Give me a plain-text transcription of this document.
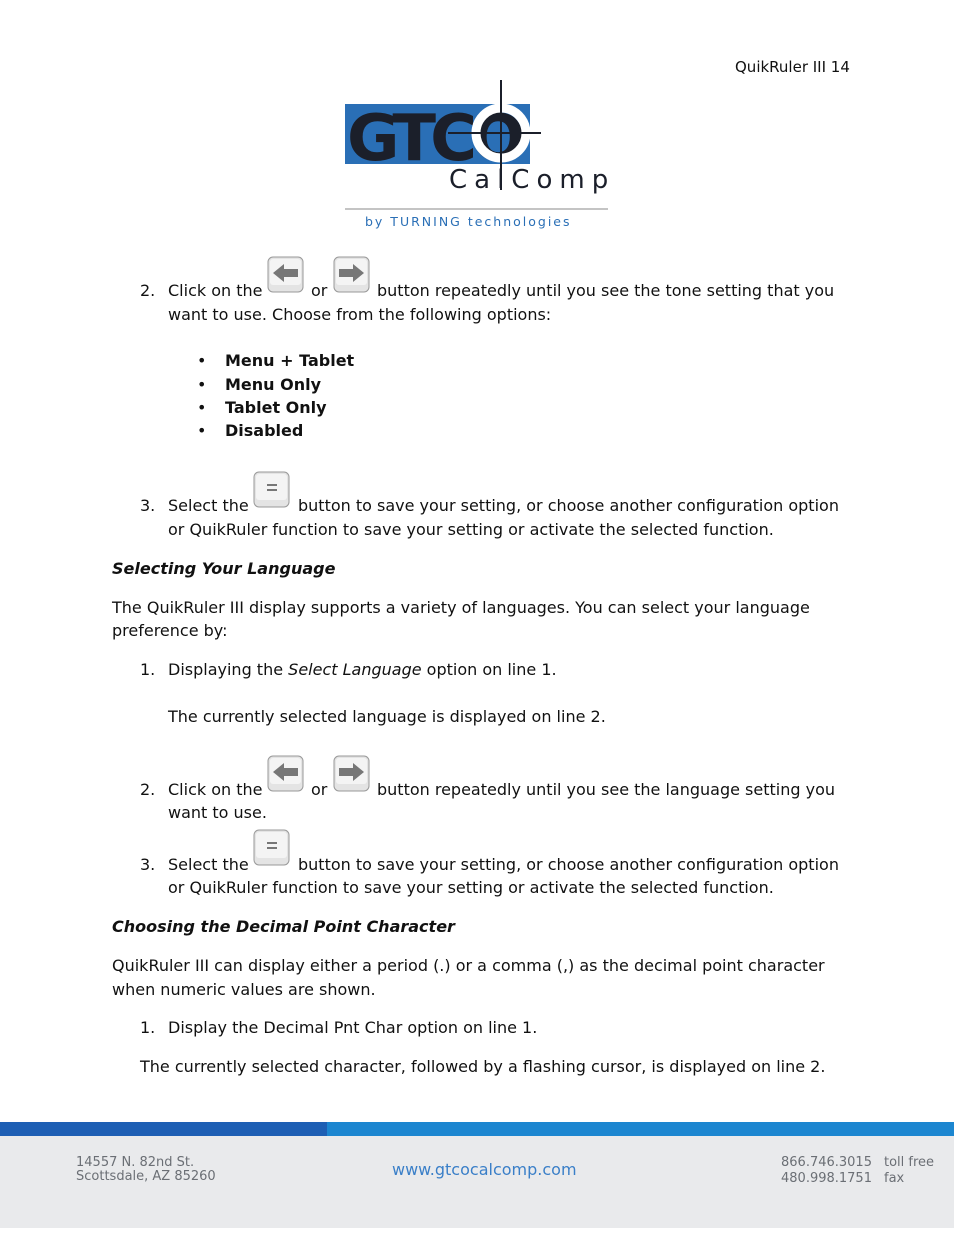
QuikRuler III 14
GTCO
CalComp
by TURNING technologies
2. Click on the	or	button repeatedly until you see the tone setting that you
want to use. Choose from the following options:
• Menu + Tablet
• Menu Only
• Tablet Only
• Disabled
3. Select the	button to save your setting, or choose another configuration option
or QuikRuler function to save your setting or activate the selected function.
Selecting Your Language
The QuikRuler III display supports a variety of languages. You can select your language
preference by:
1. Displaying the Select Language option on line 1.
The currently selected language is displayed on line 2.
2. Click on the	or	button repeatedly until you see the language setting you
want to use.
3. Select the	button to save your setting, or choose another configuration option
or QuikRuler function to save your setting or activate the selected function.
Choosing the Decimal Point Character
QuikRuler III can display either a period (.) or a comma (,) as the decimal point character
when numeric values are shown.
1. Display the Decimal Pnt Char option on line 1.
The currently selected character, followed by a flashing cursor, is displayed on line 2.
14557 N. 82nd St.
Scottsdale, AZ 85260	www.gtcocalcomp.com	866.746.3015 toll free
480.998.1751 fax
